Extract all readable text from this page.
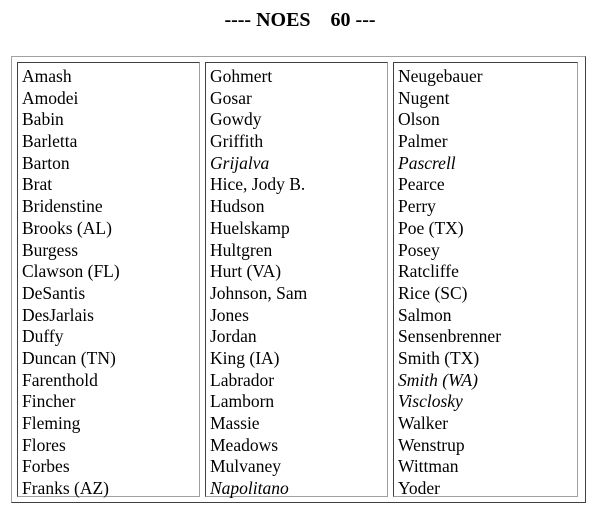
---- NOES    60 ---
Amash
Amodei
Babin
Barletta
Barton
Brat
Bridenstine
Brooks (AL)
Burgess
Clawson (FL)
DeSantis
DesJarlais
Duffy
Duncan (TN)
Farenthold
Fincher
Fleming
Flores
Forbes
Franks (AZ)
Gohmert
Gosar
Gowdy
Griffith
Grijalva
Hice, Jody B.
Hudson
Huelskamp
Hultgren
Hurt (VA)
Johnson, Sam
Jones
Jordan
King (IA)
Labrador
Lamborn
Massie
Meadows
Mulvaney
Napolitano
Neugebauer
Nugent
Olson
Palmer
Pascrell
Pearce
Perry
Poe (TX)
Posey
Ratcliffe
Rice (SC)
Salmon
Sensenbrenner
Smith (TX)
Smith (WA)
Visclosky
Walker
Wenstrup
Wittman
Yoder
